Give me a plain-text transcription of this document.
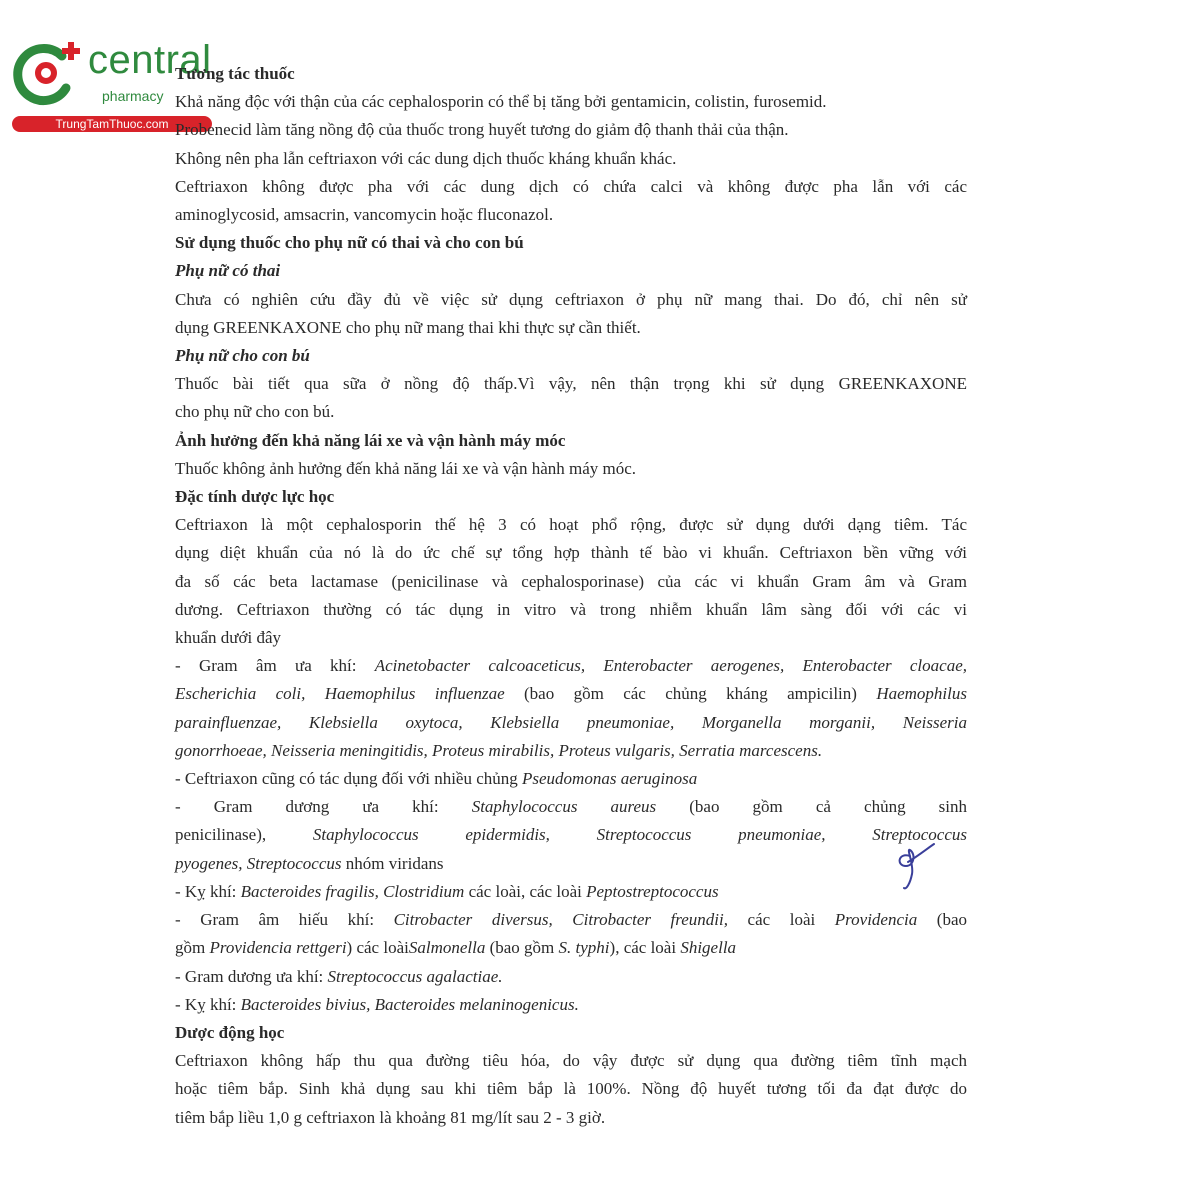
central
pharmacy
TrungTamThuoc.com

Tương tác thuốc

Khả năng độc với thận của các cephalosporin có thể bị tăng bởi gentamicin, colistin, furosemid.

Probenecid làm tăng nồng độ của thuốc trong huyết tương do giảm độ thanh thải của thận.

Không nên pha lẫn ceftriaxon với các dung dịch thuốc kháng khuẩn khác.

Ceftriaxon không được pha với các dung dịch có chứa calci và không được pha lẫn với các

aminoglycosid, amsacrin, vancomycin hoặc fluconazol.

Sử dụng thuốc cho phụ nữ có thai và cho con bú

Phụ nữ có thai

Chưa có nghiên cứu đầy đủ về việc sử dụng ceftriaxon ở phụ nữ mang thai. Do đó, chỉ nên sử

dụng GREENKAXONE cho phụ nữ mang thai khi thực sự cần thiết.

Phụ nữ cho con bú

Thuốc bài tiết qua sữa ở nồng độ thấp.Vì vậy, nên thận trọng khi sử dụng GREENKAXONE

cho phụ nữ cho con bú.

Ảnh hưởng đến khả năng lái xe và vận hành máy móc

Thuốc không ảnh hưởng đến khả năng lái xe và vận hành máy móc.

Đặc tính dược lực học

Ceftriaxon là một cephalosporin thế hệ 3 có hoạt phổ rộng, được sử dụng dưới dạng tiêm. Tác

dụng diệt khuẩn của nó là do ức chế sự tổng hợp thành tế bào vi khuẩn. Ceftriaxon bền vững với

đa số các beta lactamase (penicilinase và cephalosporinase) của các vi khuẩn Gram âm và Gram

dương. Ceftriaxon thường có tác dụng in vitro và trong nhiễm khuẩn lâm sàng đối với các vi

khuẩn dưới đây

- Gram âm ưa khí: Acinetobacter calcoaceticus, Enterobacter aerogenes, Enterobacter cloacae,

Escherichia coli, Haemophilus influenzae (bao gồm các chủng kháng ampicilin) Haemophilus

parainfluenzae, Klebsiella oxytoca, Klebsiella pneumoniae, Morganella morganii, Neisseria

gonorrhoeae, Neisseria meningitidis, Proteus mirabilis, Proteus vulgaris, Serratia marcescens.

- Ceftriaxon cũng có tác dụng đối với nhiều chủng Pseudomonas aeruginosa

- Gram dương ưa khí: Staphylococcus aureus (bao gồm cả chủng sinh

penicilinase), Staphylococcus epidermidis, Streptococcus pneumoniae, Streptococcus

pyogenes, Streptococcus nhóm viridans

- Kỵ khí: Bacteroides fragilis, Clostridium các loài, các loài Peptostreptococcus

- Gram âm hiếu khí: Citrobacter diversus, Citrobacter freundii, các loài Providencia (bao

gồm Providencia rettgeri) các loàiSalmonella (bao gồm S. typhi), các loài Shigella

- Gram dương ưa khí: Streptococcus agalactiae.

- Kỵ khí: Bacteroides bivius, Bacteroides melaninogenicus.

Dược động học

Ceftriaxon không hấp thu qua đường tiêu hóa, do vậy được sử dụng qua đường tiêm tĩnh mạch

hoặc tiêm bắp. Sinh khả dụng sau khi tiêm bắp là 100%. Nồng độ huyết tương tối đa đạt được do

tiêm bắp liều 1,0 g ceftriaxon là khoảng 81 mg/lít sau 2 - 3 giờ.
